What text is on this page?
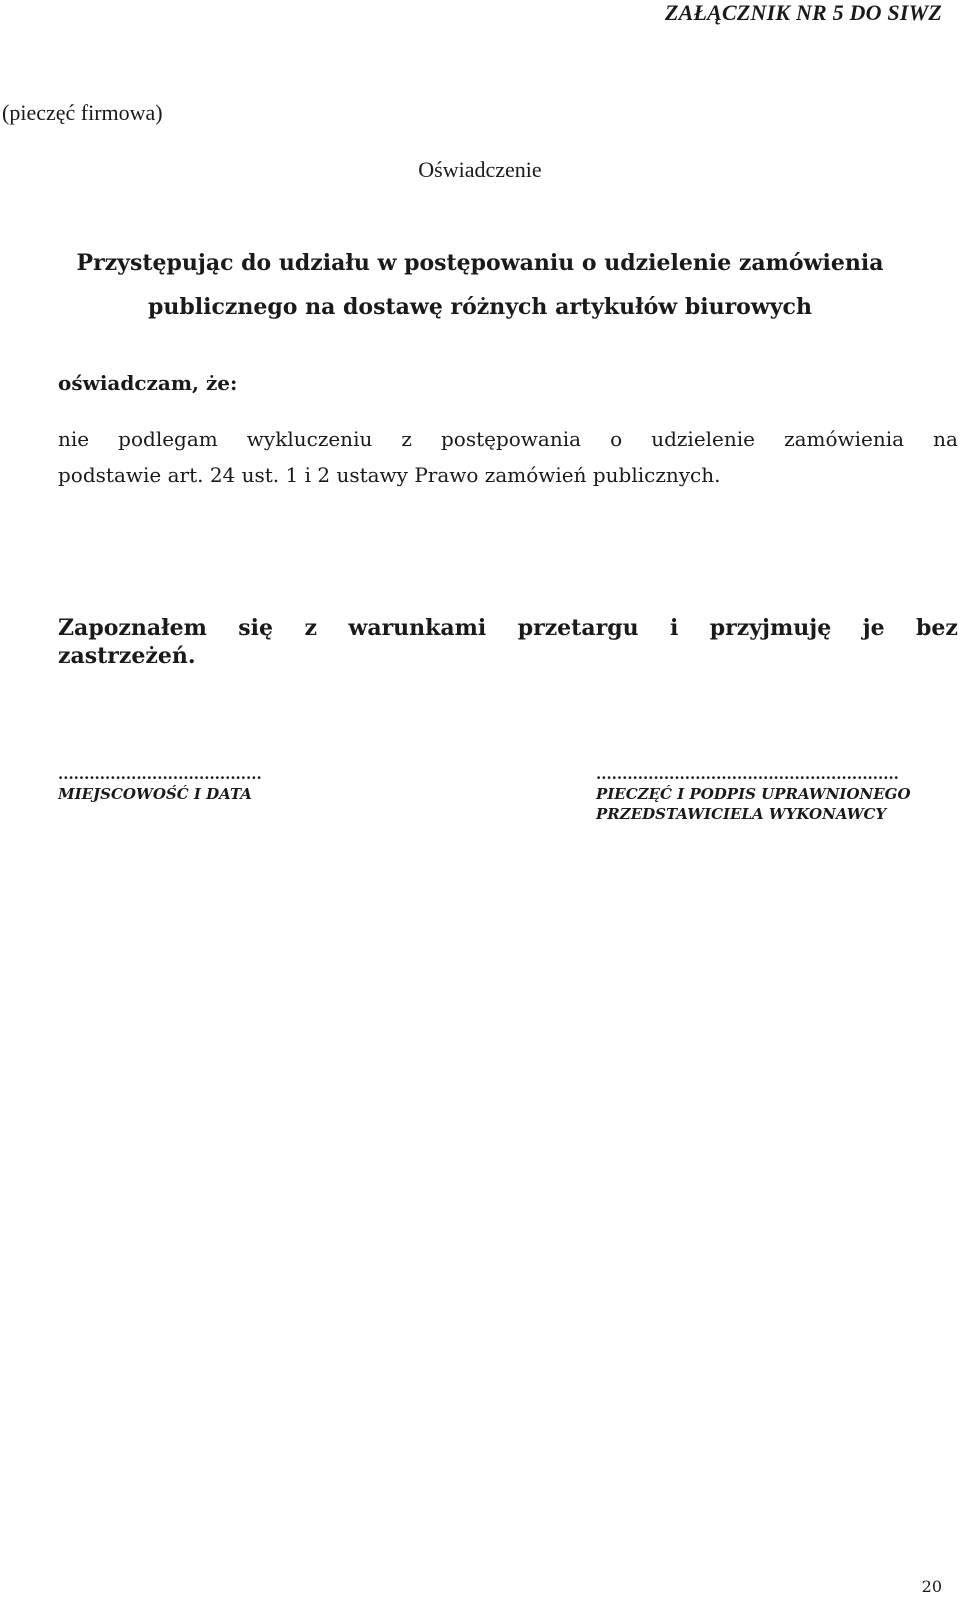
ZAŁĄCZNIK NR 5 DO SIWZ

(pieczęć firmowa)

Oświadczenie

Przystępując do udziału w postępowaniu o udzielenie zamówienia
publicznego na dostawę różnych artykułów biurowych

oświadczam, że:

nie podlegam wykluczeniu z postępowania o udzielenie zamówienia na
podstawie art. 24 ust. 1 i 2 ustawy Prawo zamówień publicznych.
Zapoznałem się z warunkami przetargu i przyjmuję je bez
zastrzeżeń.
.......................................
MIEJSCOWOŚĆ I DATA
..........................................................
PIECZĘĆ I PODPIS UPRAWNIONEGO
PRZEDSTAWICIELA WYKONAWCY

20
